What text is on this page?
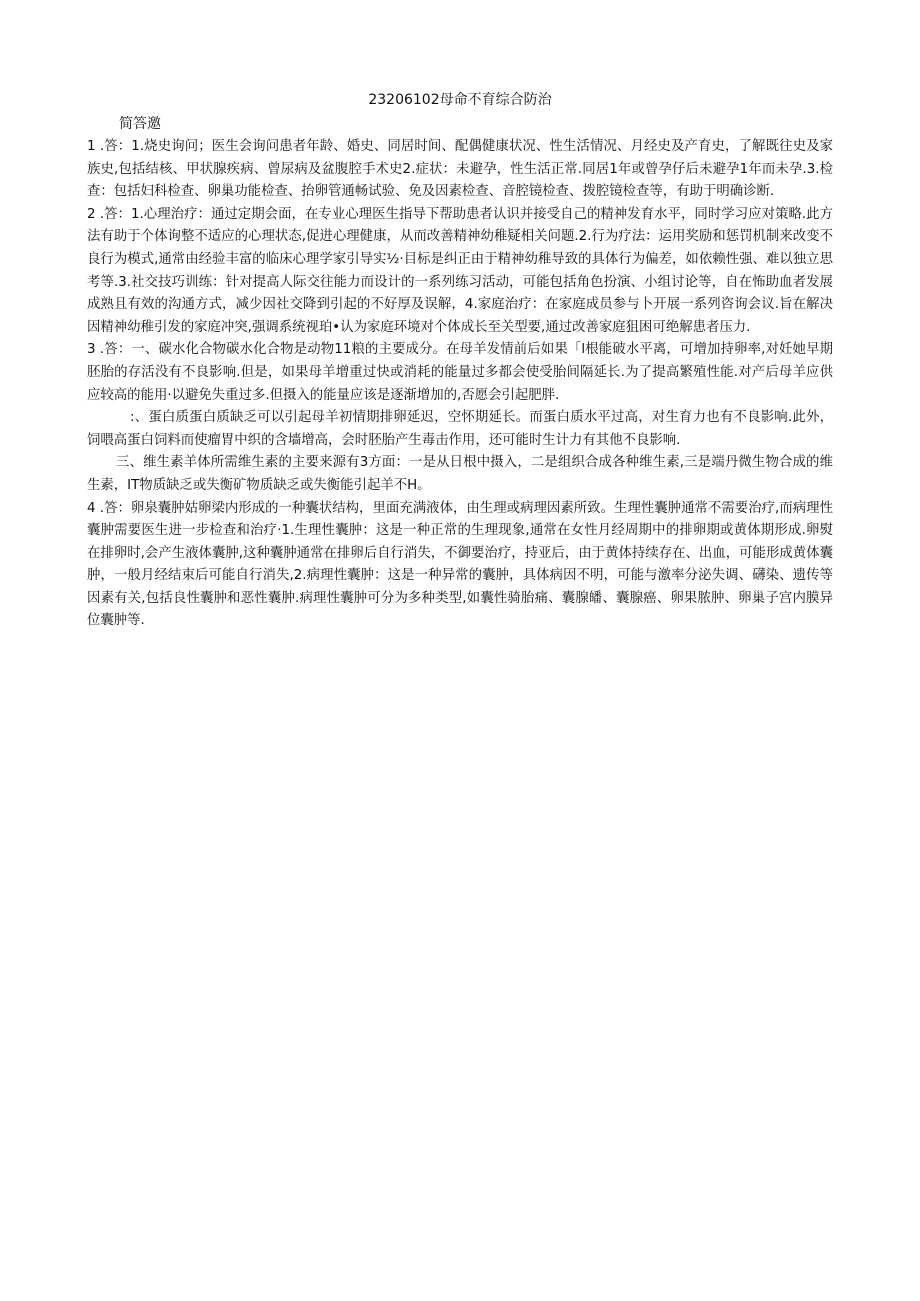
23206102母命不育综合防治
简答邀

1 .答：1.烧史询问；医生会询问患者年龄、婚史、同居时间、配偶健康状况、性生活情况、月经史及产育史，了解既往史及家族史,包括结核、甲状腺疾病、曾尿病及盆腹腔手术史2.症状：未避孕，性生活正常.同居1年或曾孕仔后未避孕1年而未孕.3.检查：包括妇科检查、卵巢功能检查、抬卵管通畅试验、免及因素检查、音腔镜检查、拨腔镜检查等，有助于明确诊断.

2 .答：1.心理治疗：通过定期会面，在专业心理医生指导下帮助患者认识并接受自己的精神发育水平，同时学习应对策略.此方法有助于个体询整不适应的心理状态,促进心理健康，从而改善精神幼稚疑相关问题.2.行为疗法：运用奖励和惩罚机制来改变不良行为模式,通常由经验丰富的临床心理学家引导实½·目标是纠正由于精神幼稚导致的具体行为偏差，如依赖性强、难以独立思考等.3.社交技巧训练：针对提高人际交往能力而设计的一系列练习活动，可能包括角色扮演、小组讨论等，自在怖助血者发展成熟且有效的沟通方式，减少因社交降到引起的不好厚及误解，4.家庭治疗：在家庭成员参与卜开展一系列咨询会议.旨在解决因精神幼稚引发的家庭冲突,强调系统视珀•认为家庭环境对个体成长至关型要,通过改善家庭狙困可绝解患者压力.

3 .答：一、碳水化合物碳水化合物是动物11粮的主要成分。在母羊发情前后如果「l根能破水平离，可增加持卵率,对妊她早期胚胎的存活没有不良影响.但是，如果母羊增重过快或消耗的能量过多都会使受胎间隔延长.为了提高繁殖性能.对产后母羊应供应较高的能用·以避免失重过多.但摄入的能量应该是逐渐增加的,否愿会引起肥胖.

:、蛋白质蛋白质缺乏可以引起母羊初情期排卵延迟，空怀期延长。而蛋白质水平过高，对生育力也有不良影响.此外，饲喂高蛋白饲料而使瘤胃中织的含墙增高，会时胚胎产生毒击作用，还可能时生计力有其他不良影响.

三、维生素羊体所需维生素的主要来源有3方面：一是从日根中摄入，二是组织合成各种维生素,三是端丹微生物合成的维生素，IT物质缺乏或失衡矿物质缺乏或失衡能引起羊不H。

4 .答：卵泉囊肿姑卵梁内形成的一种囊状结构，里面充满液体，由生理或病理因素所致。生理性囊肿通常不需要治疗,而病理性囊肿需要医生进一步检查和治疗·1.生理性囊肿：这是一种正常的生理现象,通常在女性月经周期中的排卵期或黄体期形成.卵熨在排卵时,会产生液体囊肿,这种囊肿通常在排卵后自行消失，不御要治疗，持亚后，由于黄体持续存在、出血，可能形成黄体囊肿，一般月经结束后可能自行消失,2.病理性囊肿：这是一种异常的囊肿，具体病因不明，可能与激率分泌失调、礴染、遗传等因素有关,包括良性囊肿和恶性囊肿.病理性囊肿可分为多种类型,如囊性骑胎痛、囊腺皤、囊腺癌、卵果脓肿、卵巢子宫内膜异位囊肿等.
